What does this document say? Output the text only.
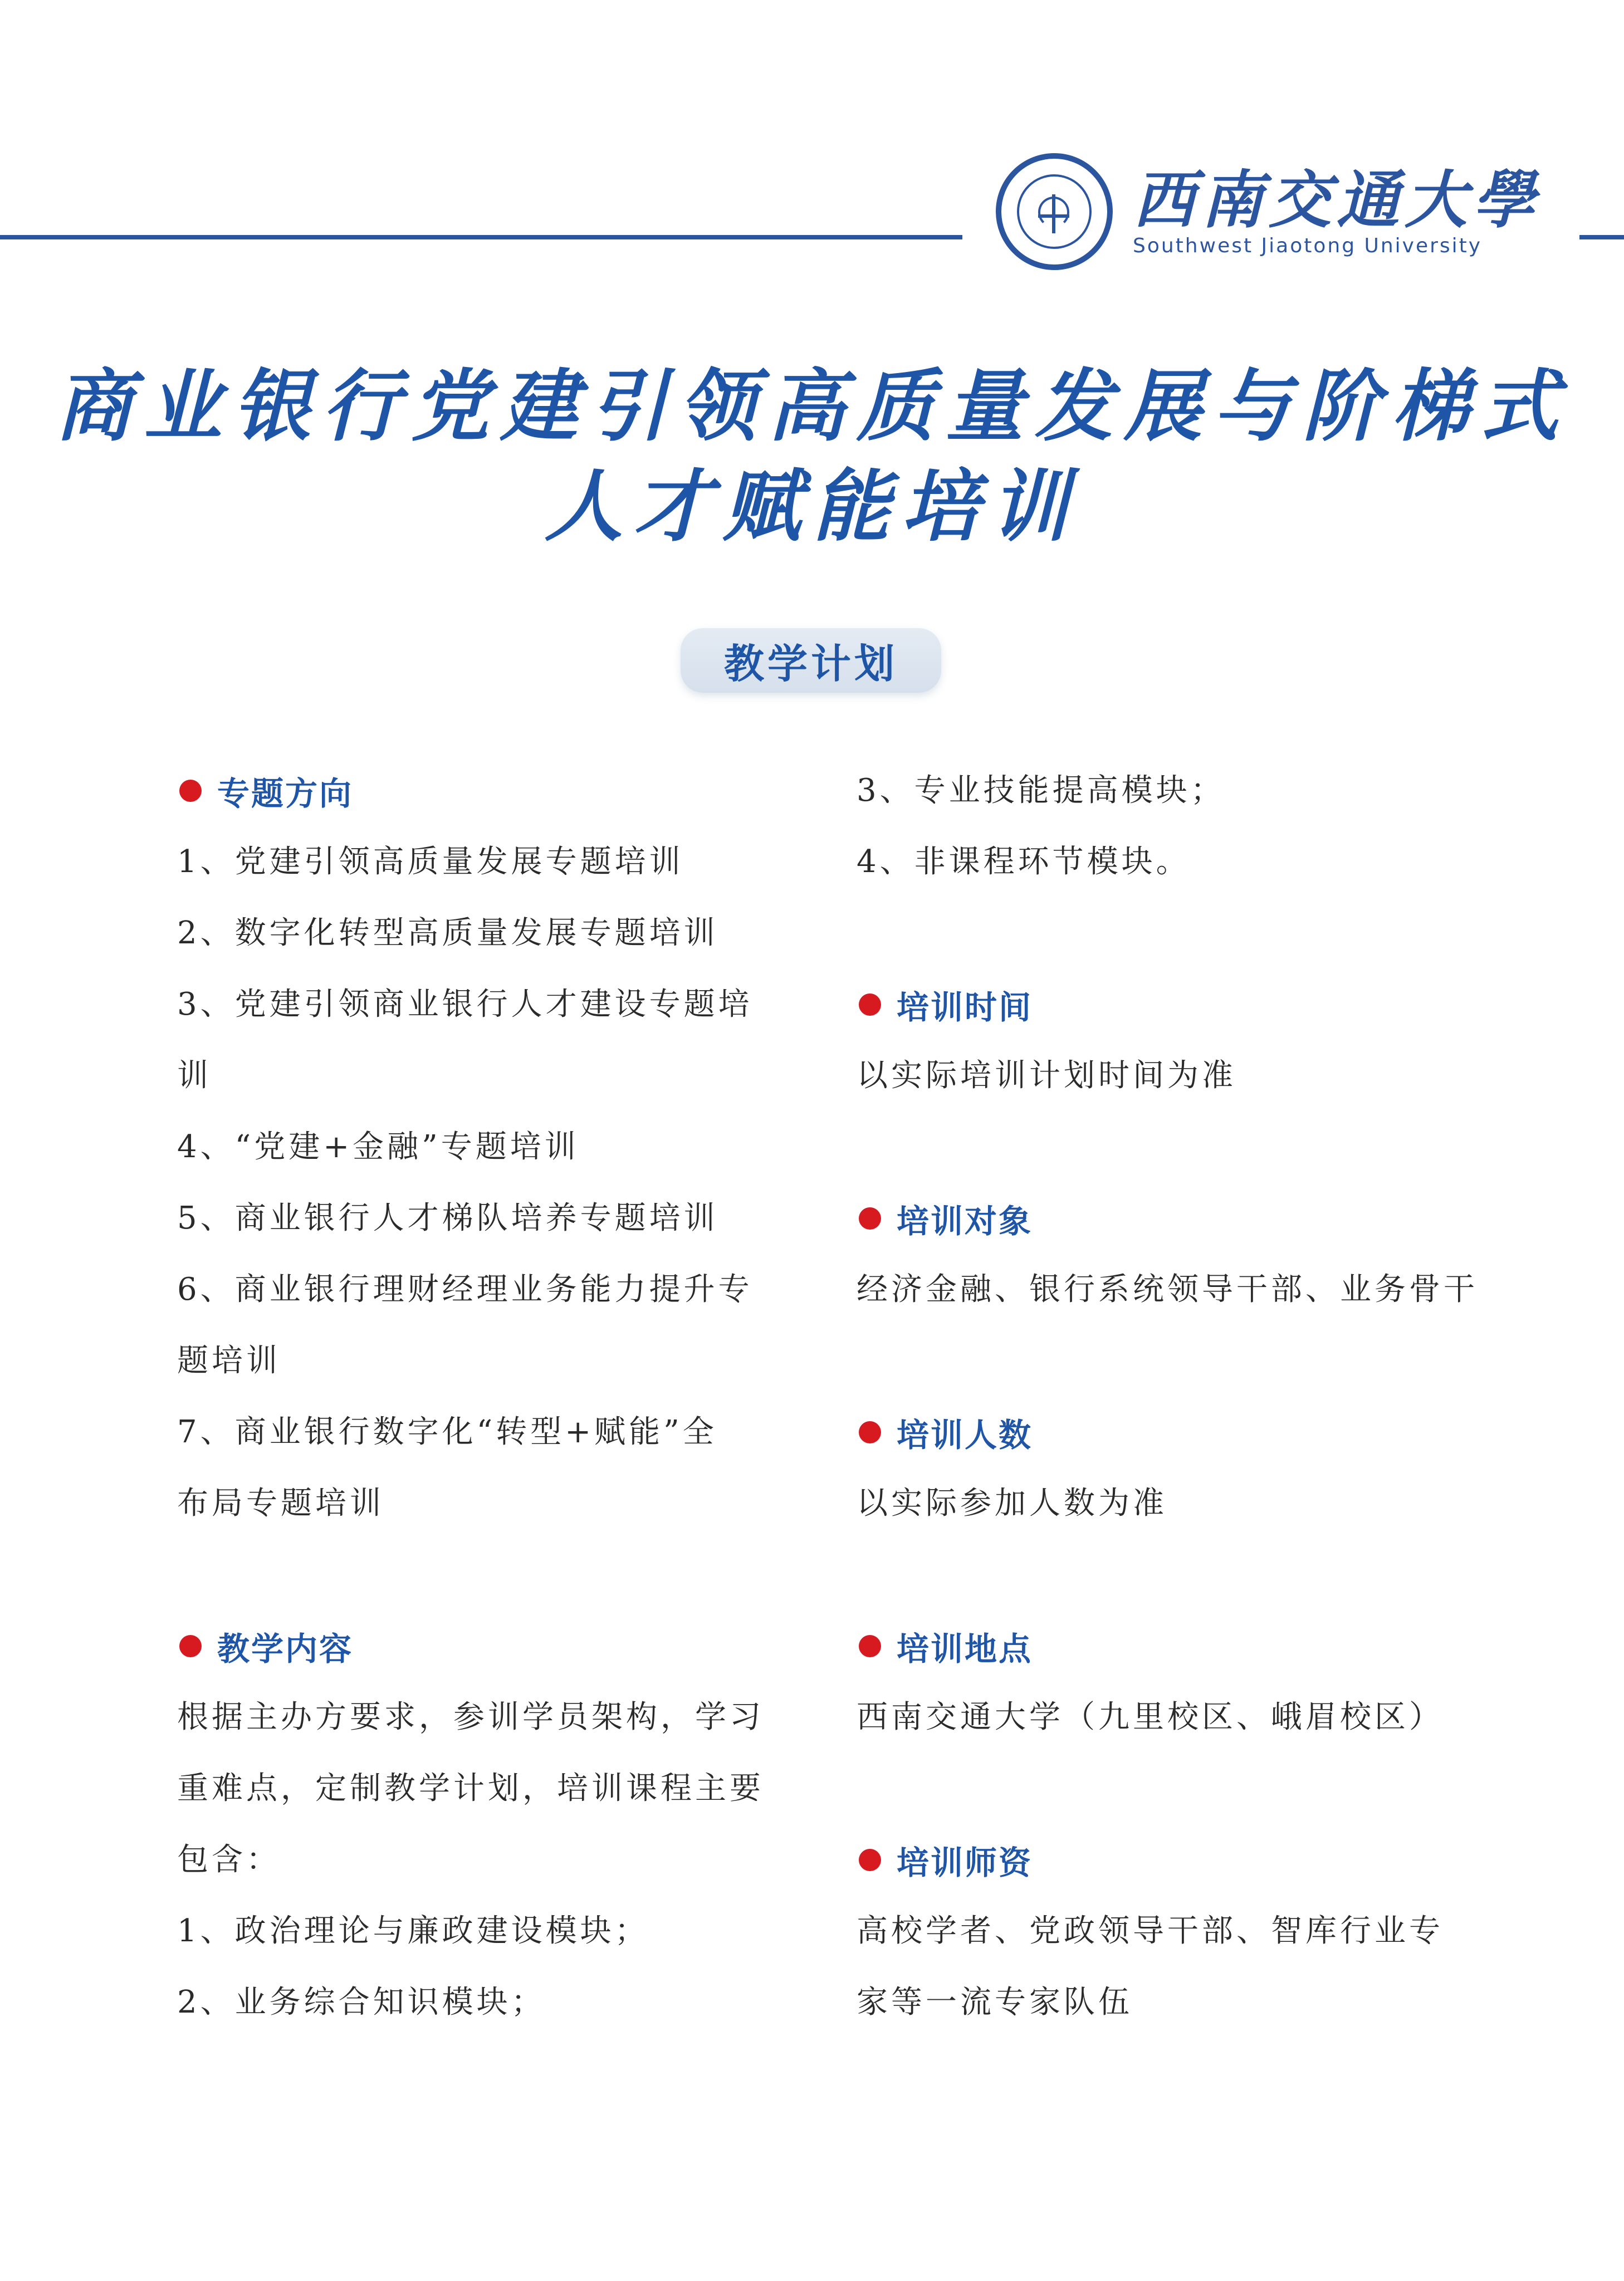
西南交通大學
Southwest Jiaotong University
商业银行党建引领高质量发展与阶梯式
人才赋能培训
教学计划
专题方向
1、党建引领高质量发展专题培训
2、数字化转型高质量发展专题培训
3、党建引领商业银行人才建设专题培
训
4、“党建+金融”专题培训
5、商业银行人才梯队培养专题培训
6、商业银行理财经理业务能力提升专
题培训
7、商业银行数字化“转型+赋能”全
布局专题培训
教学内容
根据主办方要求，参训学员架构，学习
重难点，定制教学计划，培训课程主要
包含：
1、政治理论与廉政建设模块；
2、业务综合知识模块；
3、专业技能提高模块；
4、非课程环节模块。
培训时间
以实际培训计划时间为准
培训对象
经济金融、银行系统领导干部、业务骨干
培训人数
以实际参加人数为准
培训地点
西南交通大学（九里校区、峨眉校区）
培训师资
高校学者、党政领导干部、智库行业专
家等一流专家队伍
